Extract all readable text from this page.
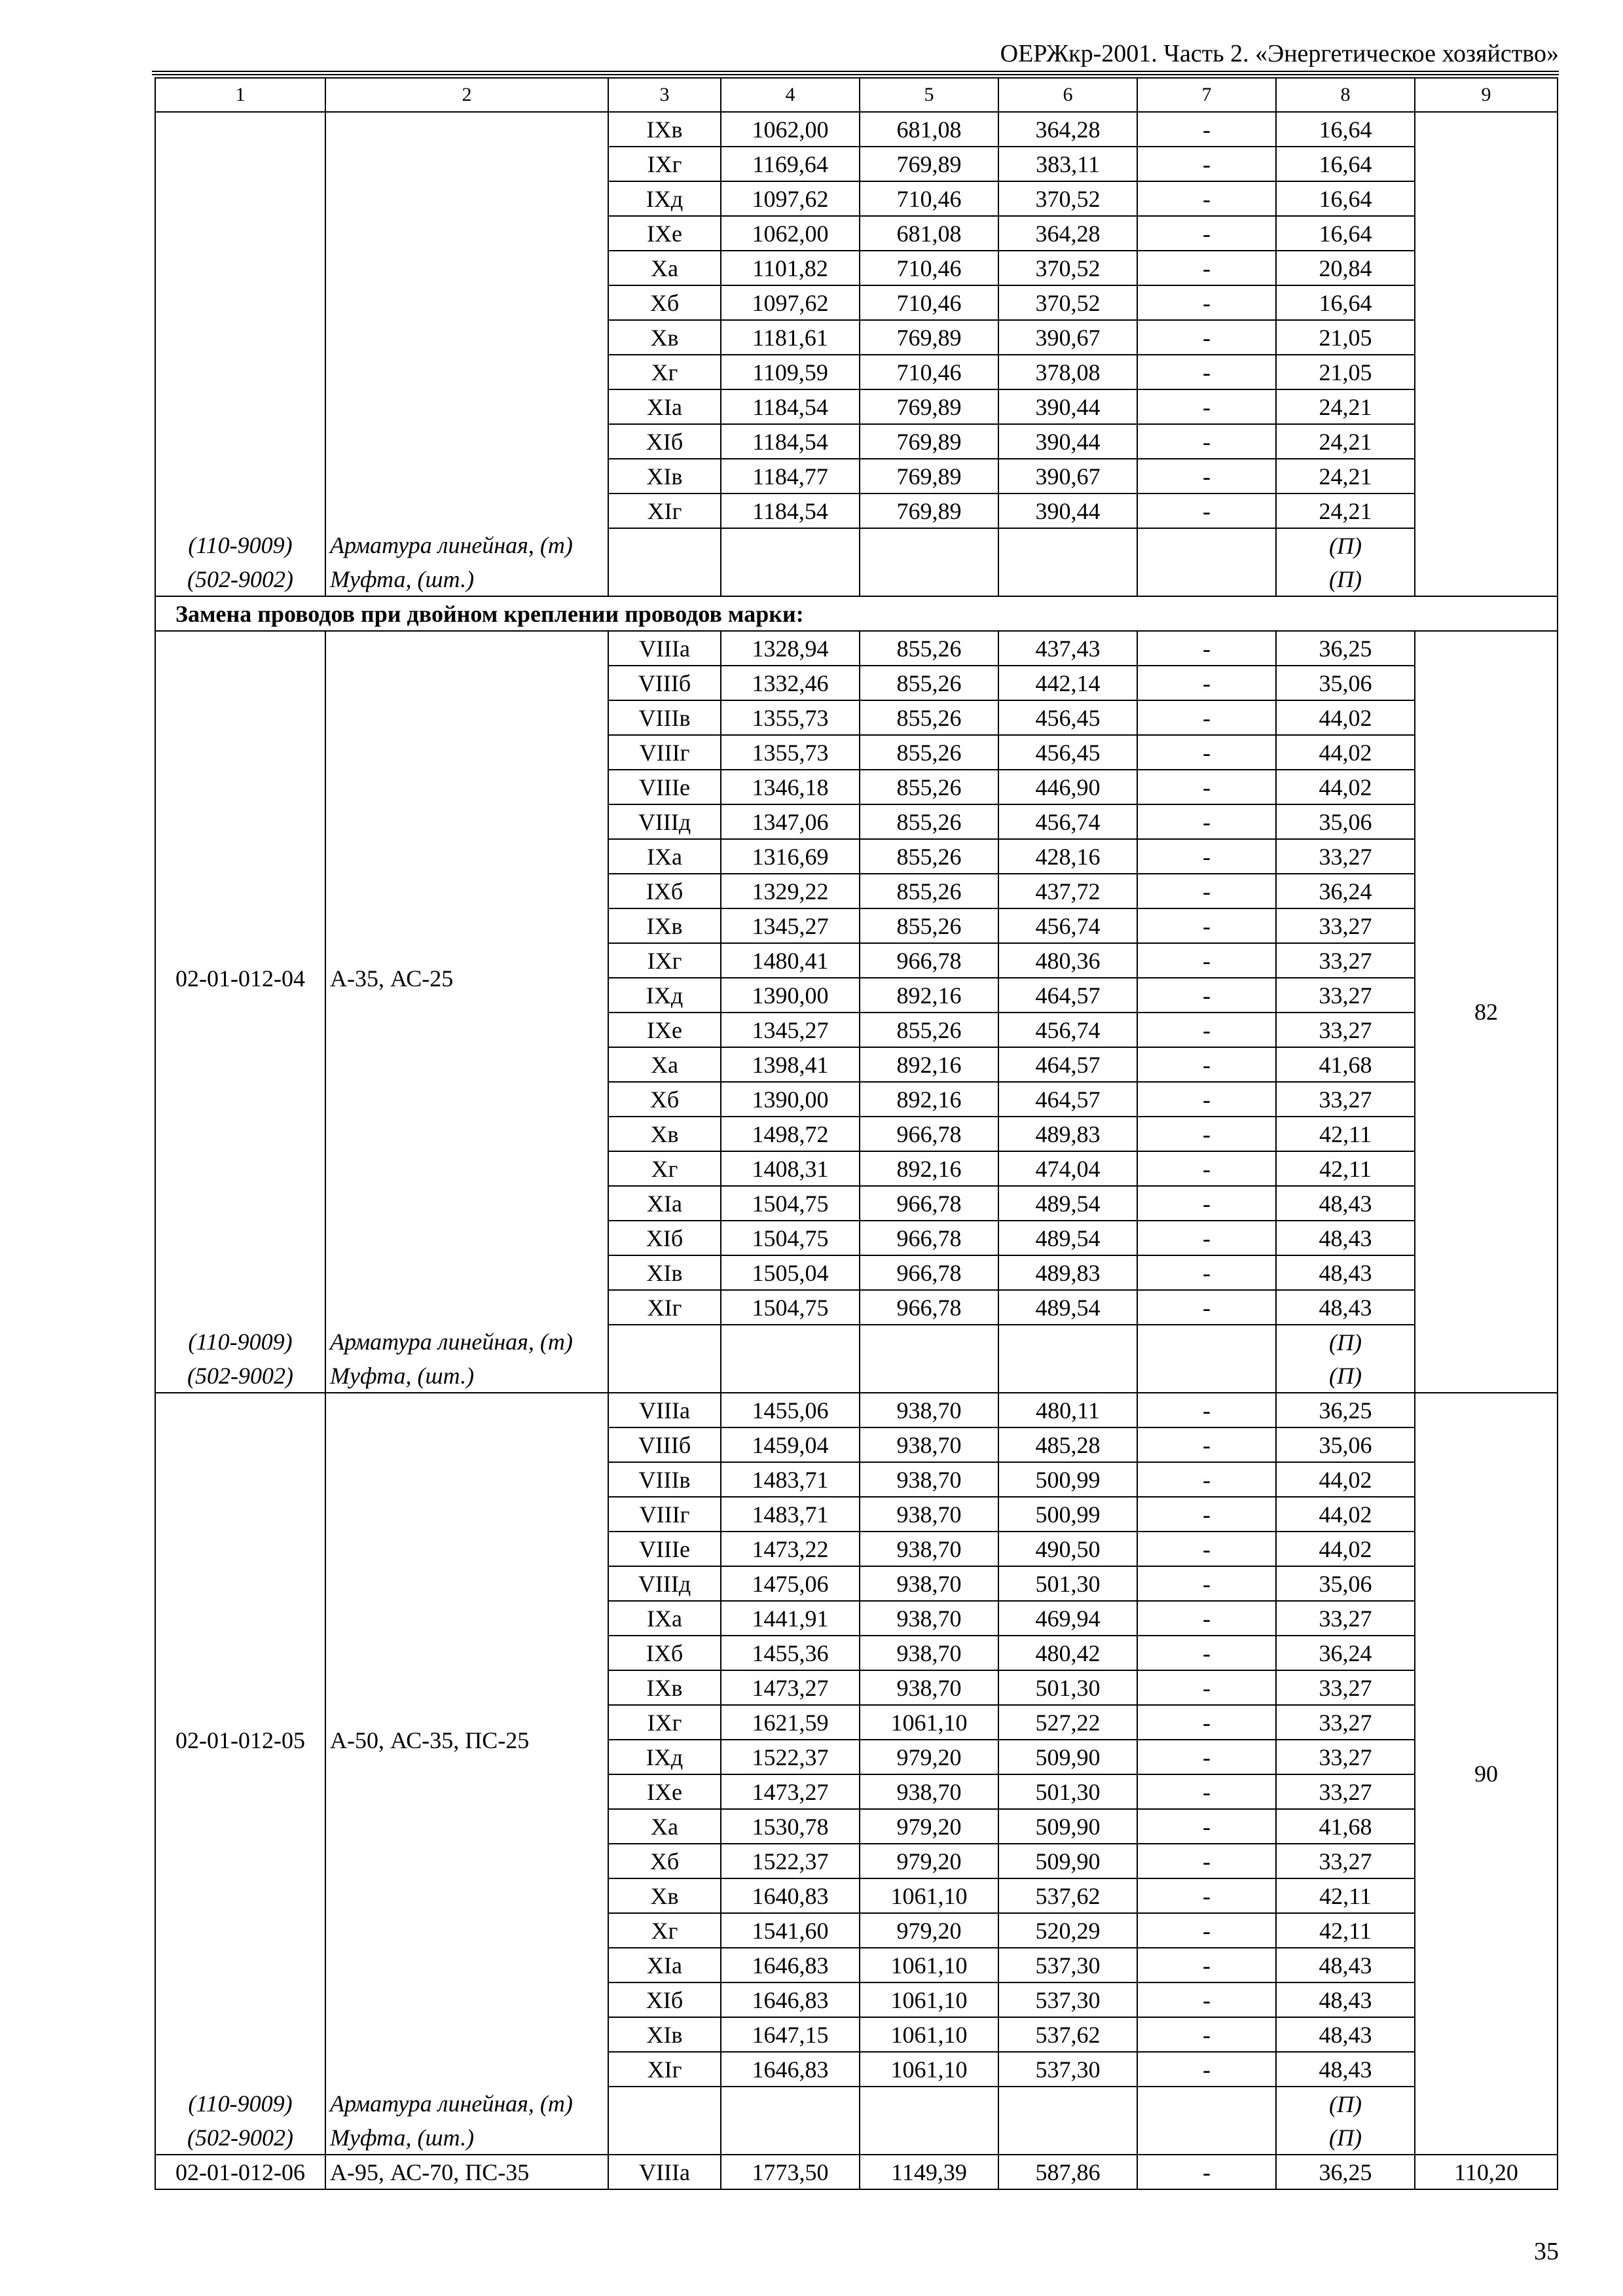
ОЕРЖкр-2001. Часть 2. «Энергетическое хозяйство»
1	2	3	4	5	6	7	8	9
		IXв	1062,00	681,08	364,28	-	16,64	
		IXг	1169,64	769,89	383,11	-	16,64	
		IXд	1097,62	710,46	370,52	-	16,64	
		IXе	1062,00	681,08	364,28	-	16,64	
		Xа	1101,82	710,46	370,52	-	20,84	
		Xб	1097,62	710,46	370,52	-	16,64	
		Xв	1181,61	769,89	390,67	-	21,05	
		Xг	1109,59	710,46	378,08	-	21,05	
		XIа	1184,54	769,89	390,44	-	24,21	
		XIб	1184,54	769,89	390,44	-	24,21	
		XIв	1184,77	769,89	390,67	-	24,21	
		XIг	1184,54	769,89	390,44	-	24,21	
(110-9009)	Арматура линейная, (т)						(П)	
(502-9002)	Муфта, (шт.)						(П)	
Замена проводов при двойном креплении проводов марки:								
02-01-012-04	А-35, АС-25	VIIIа	1328,94	855,26	437,43	-	36,25	82
		VIIIб	1332,46	855,26	442,14	-	35,06	
		VIIIв	1355,73	855,26	456,45	-	44,02	
		VIIIг	1355,73	855,26	456,45	-	44,02	
		VIIIе	1346,18	855,26	446,90	-	44,02	
		VIIIд	1347,06	855,26	456,74	-	35,06	
		IXа	1316,69	855,26	428,16	-	33,27	
		IXб	1329,22	855,26	437,72	-	36,24	
		IXв	1345,27	855,26	456,74	-	33,27	
		IXг	1480,41	966,78	480,36	-	33,27	
		IXд	1390,00	892,16	464,57	-	33,27	
		IXе	1345,27	855,26	456,74	-	33,27	
		Xа	1398,41	892,16	464,57	-	41,68	
		Xб	1390,00	892,16	464,57	-	33,27	
		Xв	1498,72	966,78	489,83	-	42,11	
		Xг	1408,31	892,16	474,04	-	42,11	
		XIа	1504,75	966,78	489,54	-	48,43	
		XIб	1504,75	966,78	489,54	-	48,43	
		XIв	1505,04	966,78	489,83	-	48,43	
		XIг	1504,75	966,78	489,54	-	48,43	
(110-9009)	Арматура линейная, (т)						(П)	
(502-9002)	Муфта, (шт.)						(П)	
02-01-012-05	А-50, АС-35, ПС-25	VIIIа	1455,06	938,70	480,11	-	36,25	90
		VIIIб	1459,04	938,70	485,28	-	35,06	
		VIIIв	1483,71	938,70	500,99	-	44,02	
		VIIIг	1483,71	938,70	500,99	-	44,02	
		VIIIе	1473,22	938,70	490,50	-	44,02	
		VIIIд	1475,06	938,70	501,30	-	35,06	
		IXа	1441,91	938,70	469,94	-	33,27	
		IXб	1455,36	938,70	480,42	-	36,24	
		IXв	1473,27	938,70	501,30	-	33,27	
		IXг	1621,59	1061,10	527,22	-	33,27	
		IXд	1522,37	979,20	509,90	-	33,27	
		IXе	1473,27	938,70	501,30	-	33,27	
		Xа	1530,78	979,20	509,90	-	41,68	
		Xб	1522,37	979,20	509,90	-	33,27	
		Xв	1640,83	1061,10	537,62	-	42,11	
		Xг	1541,60	979,20	520,29	-	42,11	
		XIа	1646,83	1061,10	537,30	-	48,43	
		XIб	1646,83	1061,10	537,30	-	48,43	
		XIв	1647,15	1061,10	537,62	-	48,43	
		XIг	1646,83	1061,10	537,30	-	48,43	
(110-9009)	Арматура линейная, (т)						(П)	
(502-9002)	Муфта, (шт.)						(П)	
02-01-012-06	А-95, АС-70, ПС-35	VIIIа	1773,50	1149,39	587,86	-	36,25	110,20
35
